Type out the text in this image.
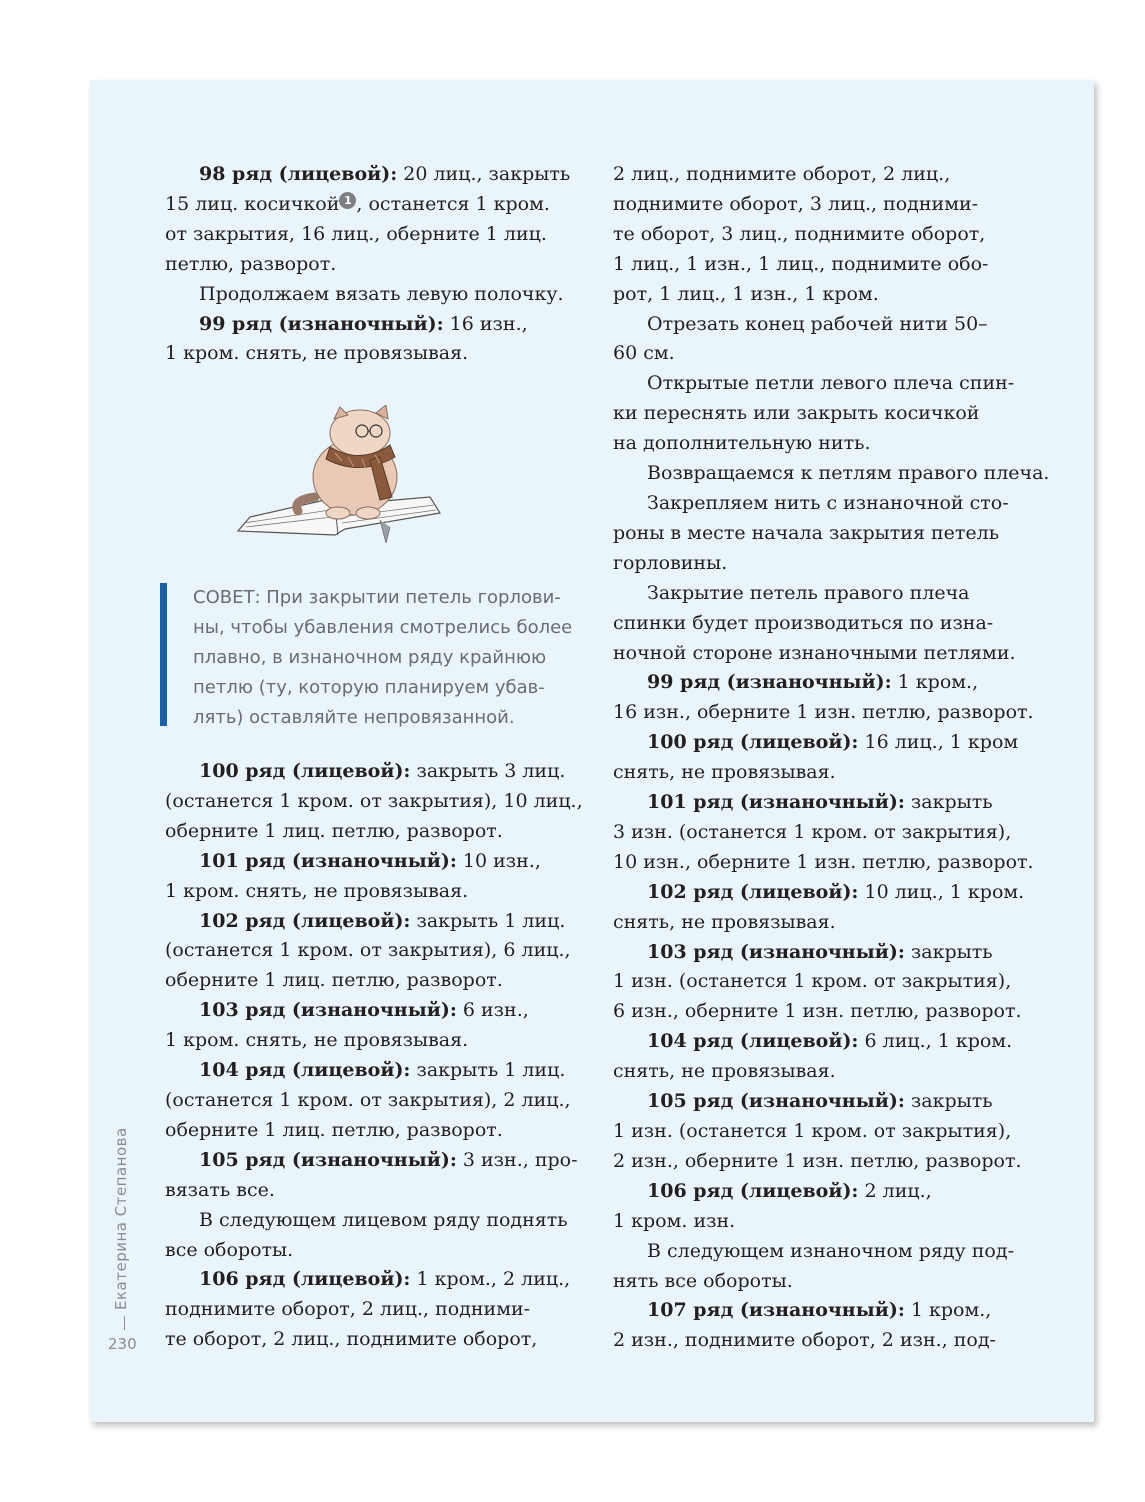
98 ряд (лицевой): 20 лиц., закрыть

15 лиц. косичкой 1 , останется 1 кром.

от закрытия, 16 лиц., оберните 1 лиц.

петлю, разворот.

Продолжаем вязать левую полочку.

99 ряд (изнаночный): 16 изн.,

1 кром. снять, не провязывая.

СОВЕТ: При закрытии петель горлови-
ны, чтобы убавления смотрелись более
плавно, в изнаночном ряду крайнюю
петлю (ту, которую планируем убав-
лять) оставляйте непровязанной.

100 ряд (лицевой): закрыть 3 лиц.

(останется 1 кром. от закрытия), 10 лиц.,

оберните 1 лиц. петлю, разворот.

101 ряд (изнаночный): 10 изн.,

1 кром. снять, не провязывая.

102 ряд (лицевой): закрыть 1 лиц.

(останется 1 кром. от закрытия), 6 лиц.,

оберните 1 лиц. петлю, разворот.

103 ряд (изнаночный): 6 изн.,

1 кром. снять, не провязывая.

104 ряд (лицевой): закрыть 1 лиц.

(останется 1 кром. от закрытия), 2 лиц.,

оберните 1 лиц. петлю, разворот.

105 ряд (изнаночный): 3 изн., про-

вязать все.

В следующем лицевом ряду поднять

все обороты.

106 ряд (лицевой): 1 кром., 2 лиц.,

поднимите оборот, 2 лиц., подними-

те оборот, 2 лиц., поднимите оборот,

2 лиц., поднимите оборот, 2 лиц.,

поднимите оборот, 3 лиц., подними-

те оборот, 3 лиц., поднимите оборот,

1 лиц., 1 изн., 1 лиц., поднимите обо-

рот, 1 лиц., 1 изн., 1 кром.

Отрезать конец рабочей нити 50–

60 см.

Открытые петли левого плеча спин-

ки переснять или закрыть косичкой

на дополнительную нить.

Возвращаемся к петлям правого плеча.

Закрепляем нить с изнаночной сто-

роны в месте начала закрытия петель

горловины.

Закрытие петель правого плеча

спинки будет производиться по изна-

ночной стороне изнаночными петлями.

99 ряд (изнаночный): 1 кром.,

16 изн., оберните 1 изн. петлю, разворот.

100 ряд (лицевой): 16 лиц., 1 кром

снять, не провязывая.

101 ряд (изнаночный): закрыть

3 изн. (останется 1 кром. от закрытия),

10 изн., оберните 1 изн. петлю, разворот.

102 ряд (лицевой): 10 лиц., 1 кром.

снять, не провязывая.

103 ряд (изнаночный): закрыть

1 изн. (останется 1 кром. от закрытия),

6 изн., оберните 1 изн. петлю, разворот.

104 ряд (лицевой): 6 лиц., 1 кром.

снять, не провязывая.

105 ряд (изнаночный): закрыть

1 изн. (останется 1 кром. от закрытия),

2 изн., оберните 1 изн. петлю, разворот.

106 ряд (лицевой): 2 лиц.,

1 кром. изн.

В следующем изнаночном ряду под-

нять все обороты.

107 ряд (изнаночный): 1 кром.,

2 изн., поднимите оборот, 2 изн., под-

Екатерина Степанова
230
